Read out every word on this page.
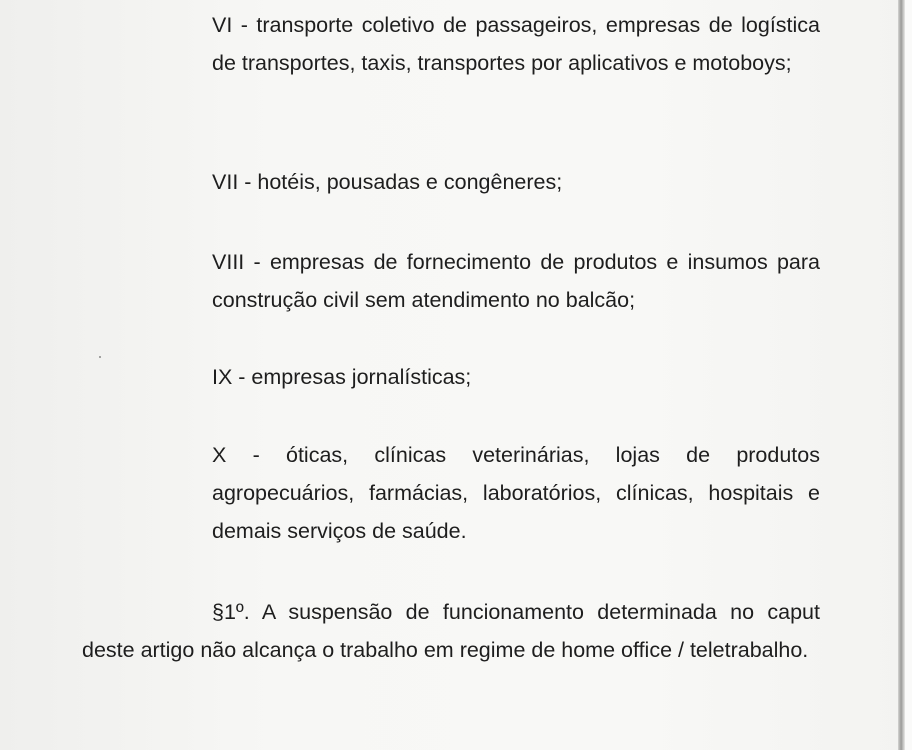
VI - transporte coletivo de passageiros, empresas de logística de transportes, taxis, transportes por aplicativos e motoboys;

VII - hotéis, pousadas e congêneres;

VIII - empresas de fornecimento de produtos e insumos para construção civil sem atendimento no balcão;

IX - empresas jornalísticas;

X - óticas, clínicas veterinárias, lojas de produtos agropecuários, farmácias, laboratórios, clínicas, hospitais e demais serviços de saúde.

§1º. A suspensão de funcionamento determinada no caput deste artigo não alcança o trabalho em regime de home office / teletrabalho.
